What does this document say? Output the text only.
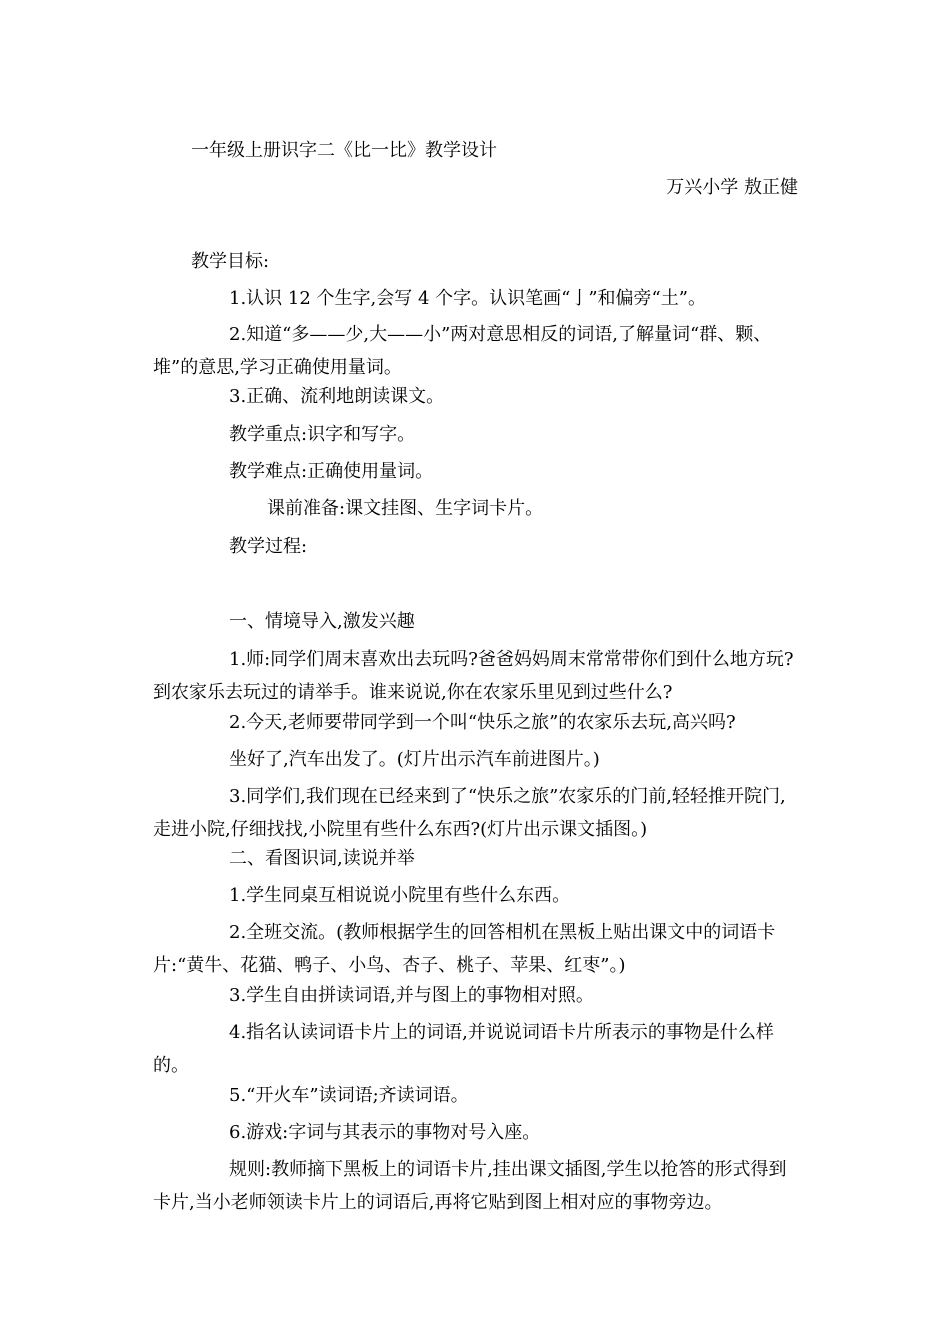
一年级上册识字二《比一比》教学设计
万兴小学 敖正健
教学目标:
1.认识 12 个生字,会写 4 个字。认识笔画“亅”和偏旁“土”。

2.知道“多——少,大——小”两对意思相反的词语,了解量词“群、颗、堆”的意思,学习正确使用量词。

3.正确、流利地朗读课文。
教学重点:识字和写字。
教学难点:正确使用量词。
课前准备:课文挂图、生字词卡片。
教学过程:
一、情境导入,激发兴趣

1.师:同学们周末喜欢出去玩吗?爸爸妈妈周末常常带你们到什么地方玩?到农家乐去玩过的请举手。谁来说说,你在农家乐里见到过些什么?

2.今天,老师要带同学到一个叫“快乐之旅”的农家乐去玩,高兴吗?
坐好了,汽车出发了。(灯片出示汽车前进图片。)

3.同学们,我们现在已经来到了“快乐之旅”农家乐的门前,轻轻推开院门,走进小院,仔细找找,小院里有些什么东西?(灯片出示课文插图。)

二、看图识词,读说并举
1.学生同桌互相说说小院里有些什么东西。

2.全班交流。(教师根据学生的回答相机在黑板上贴出课文中的词语卡片:“黄牛、花猫、鸭子、小鸟、杏子、桃子、苹果、红枣”。)

3.学生自由拼读词语,并与图上的事物相对照。

4.指名认读词语卡片上的词语,并说说词语卡片所表示的事物是什么样的。

5.“开火车”读词语;齐读词语。
6.游戏:字词与其表示的事物对号入座。

规则:教师摘下黑板上的词语卡片,挂出课文插图,学生以抢答的形式得到卡片,当小老师领读卡片上的词语后,再将它贴到图上相对应的事物旁边。
